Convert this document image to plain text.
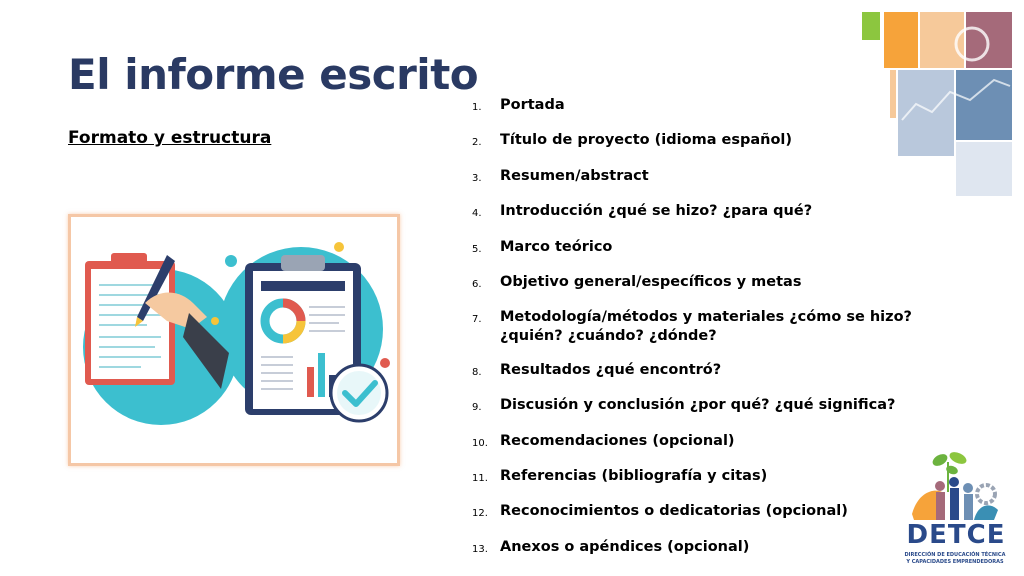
El informe escrito
Formato y estructura
1.	Portada
2.	Título de proyecto (idioma español)
3.	Resumen/abstract
4.	Introducción ¿qué se hizo? ¿para qué?
5.	Marco teórico
6.	Objetivo general/específicos y metas
7.	Metodología/métodos y materiales ¿cómo se hizo? ¿quién? ¿cuándo? ¿dónde?
8.	Resultados ¿qué encontró?
9.	Discusión y conclusión ¿por qué? ¿qué significa?
10. Recomendaciones (opcional)
11. Referencias (bibliografía y citas)
12. Reconocimientos o dedicatorias (opcional)
13. Anexos o apéndices (opcional)	DETCE
DIRECCIÓN DE EDUCACIÓN TÉCNICA
Y CAPACIDADES EMPRENDEDORAS
